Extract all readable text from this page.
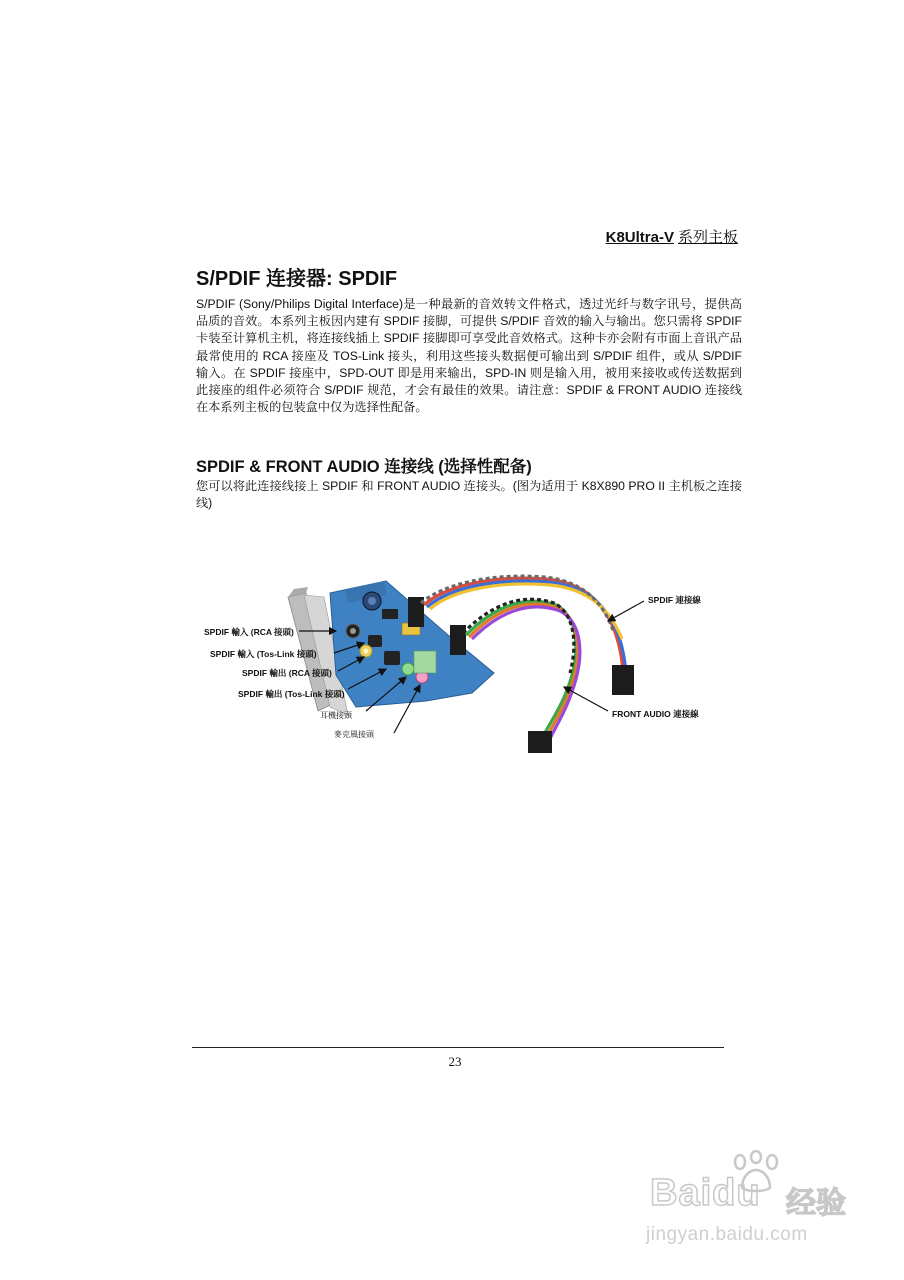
K8Ultra-V 系列主板
S/PDIF 连接器: SPDIF
S/PDIF (Sony/Philips Digital Interface)是一种最新的音效转文件格式，透过光纤与数字讯号，提供高品质的音效。本系列主板因内建有 SPDIF 接脚，可提供 S/PDIF 音效的输入与输出。您只需将 SPDIF 卡装至计算机主机，将连接线插上 SPDIF 接脚即可享受此音效格式。这种卡亦会附有市面上音讯产品最常使用的 RCA 接座及 TOS-Link 接头，利用这些接头数据便可输出到 S/PDIF 组件，或从 S/PDIF 输入。在 SPDIF 接座中，SPD-OUT 即是用来输出，SPD-IN 则是输入用，被用来接收或传送数据到此接座的组件必须符合 S/PDIF 规范，才会有最佳的效果。请注意：SPDIF & FRONT AUDIO 连接线在本系列主板的包装盒中仅为选择性配备。
SPDIF & FRONT AUDIO 连接线 (选择性配备)
您可以将此连接线接上 SPDIF 和 FRONT AUDIO 连接头。(图为适用于 K8X890 PRO II 主机板之连接线)
SPDIF 輸入 (RCA 接頭)
SPDIF 輸入 (Tos-Link 接頭)
SPDIF 輸出 (RCA 接頭)
SPDIF 輸出 (Tos-Link 接頭)
耳機接頭
麥克風接頭
SPDIF 連接線
FRONT AUDIO 連接線
23
Baidu 经验
jingyan.baidu.com
